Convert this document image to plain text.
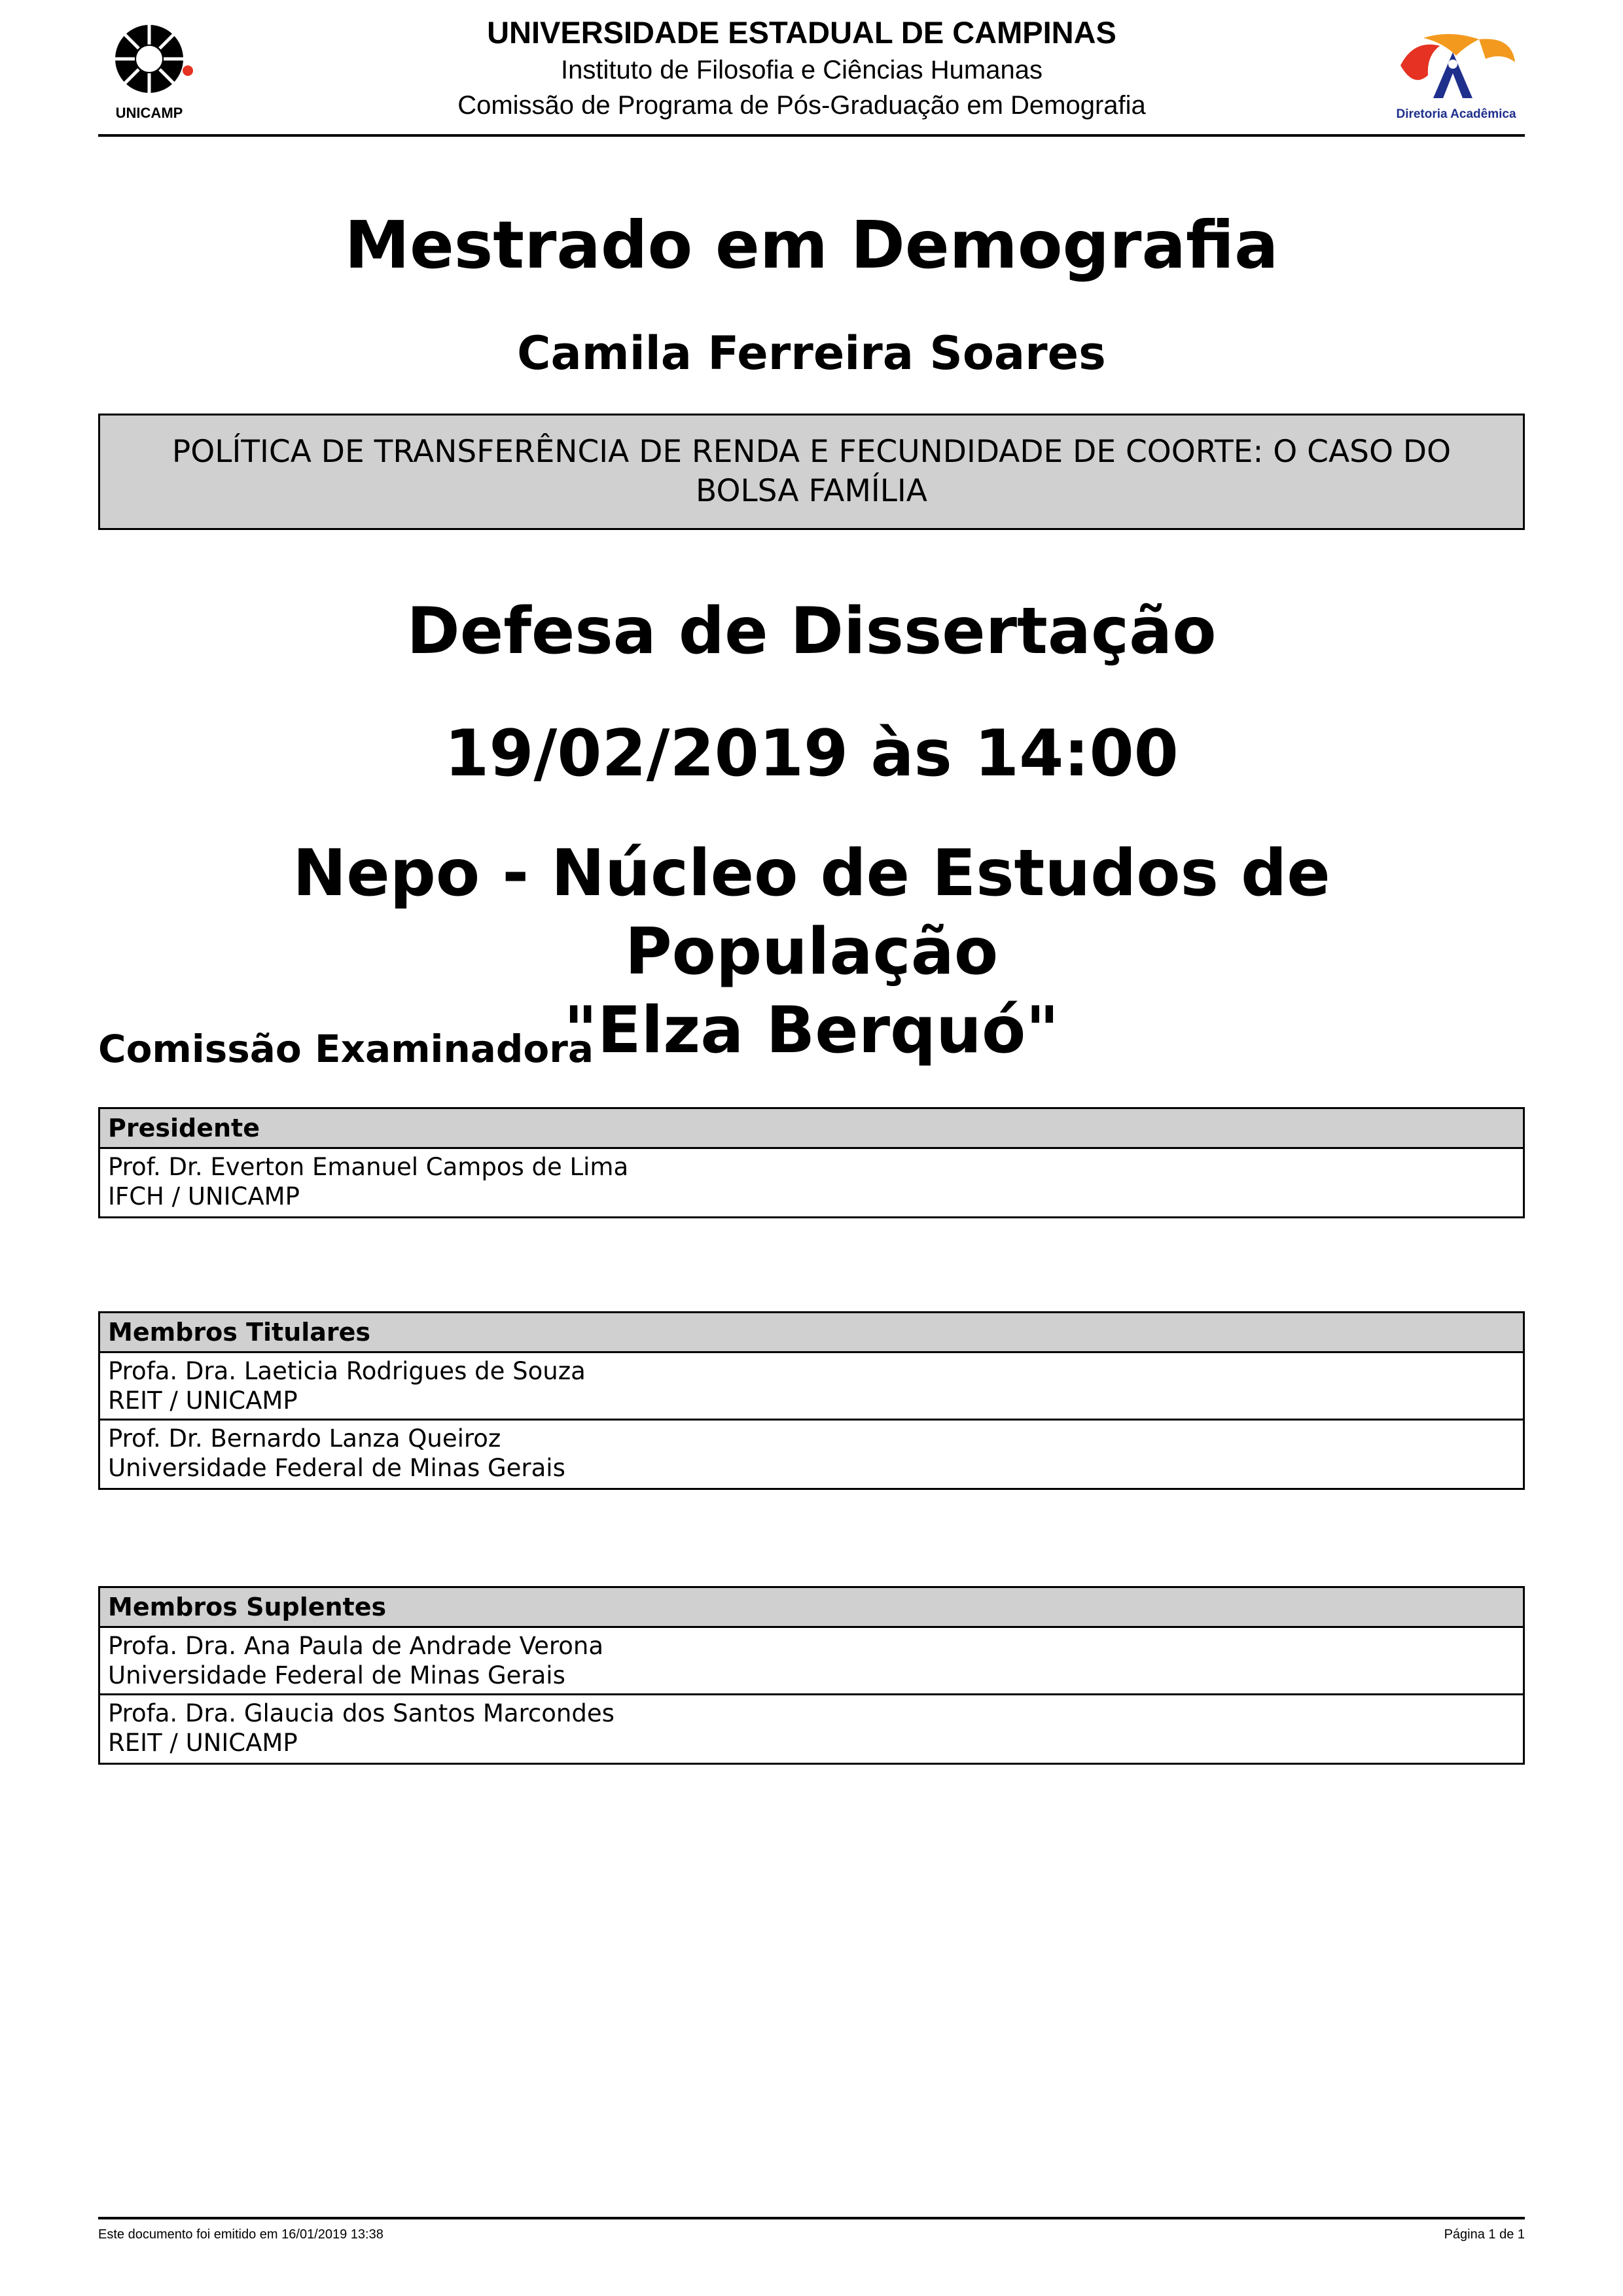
UNICAMP
UNIVERSIDADE ESTADUAL DE CAMPINAS
Instituto de Filosofia e Ciências Humanas
Comissão de Programa de Pós-Graduação em Demografia	Diretoria Acadêmica
Mestrado em Demografia
Camila Ferreira Soares
POLÍTICA DE TRANSFERÊNCIA DE RENDA E FECUNDIDADE DE COORTE: O CASO DO BOLSA FAMÍLIA
Defesa de Dissertação
19/02/2019 às 14:00
Nepo - Núcleo de Estudos de População
"Elza Berquó"
Comissão Examinadora
Presidente
Prof. Dr. Everton Emanuel Campos de Lima
IFCH / UNICAMP
Membros Titulares
Profa. Dra. Laeticia Rodrigues de Souza
REIT / UNICAMP
Prof. Dr. Bernardo Lanza Queiroz
Universidade Federal de Minas Gerais
Membros Suplentes
Profa. Dra. Ana Paula de Andrade Verona
Universidade Federal de Minas Gerais
Profa. Dra. Glaucia dos Santos Marcondes
REIT / UNICAMP
Este documento foi emitido em 16/01/2019 13:38	Página 1 de 1
